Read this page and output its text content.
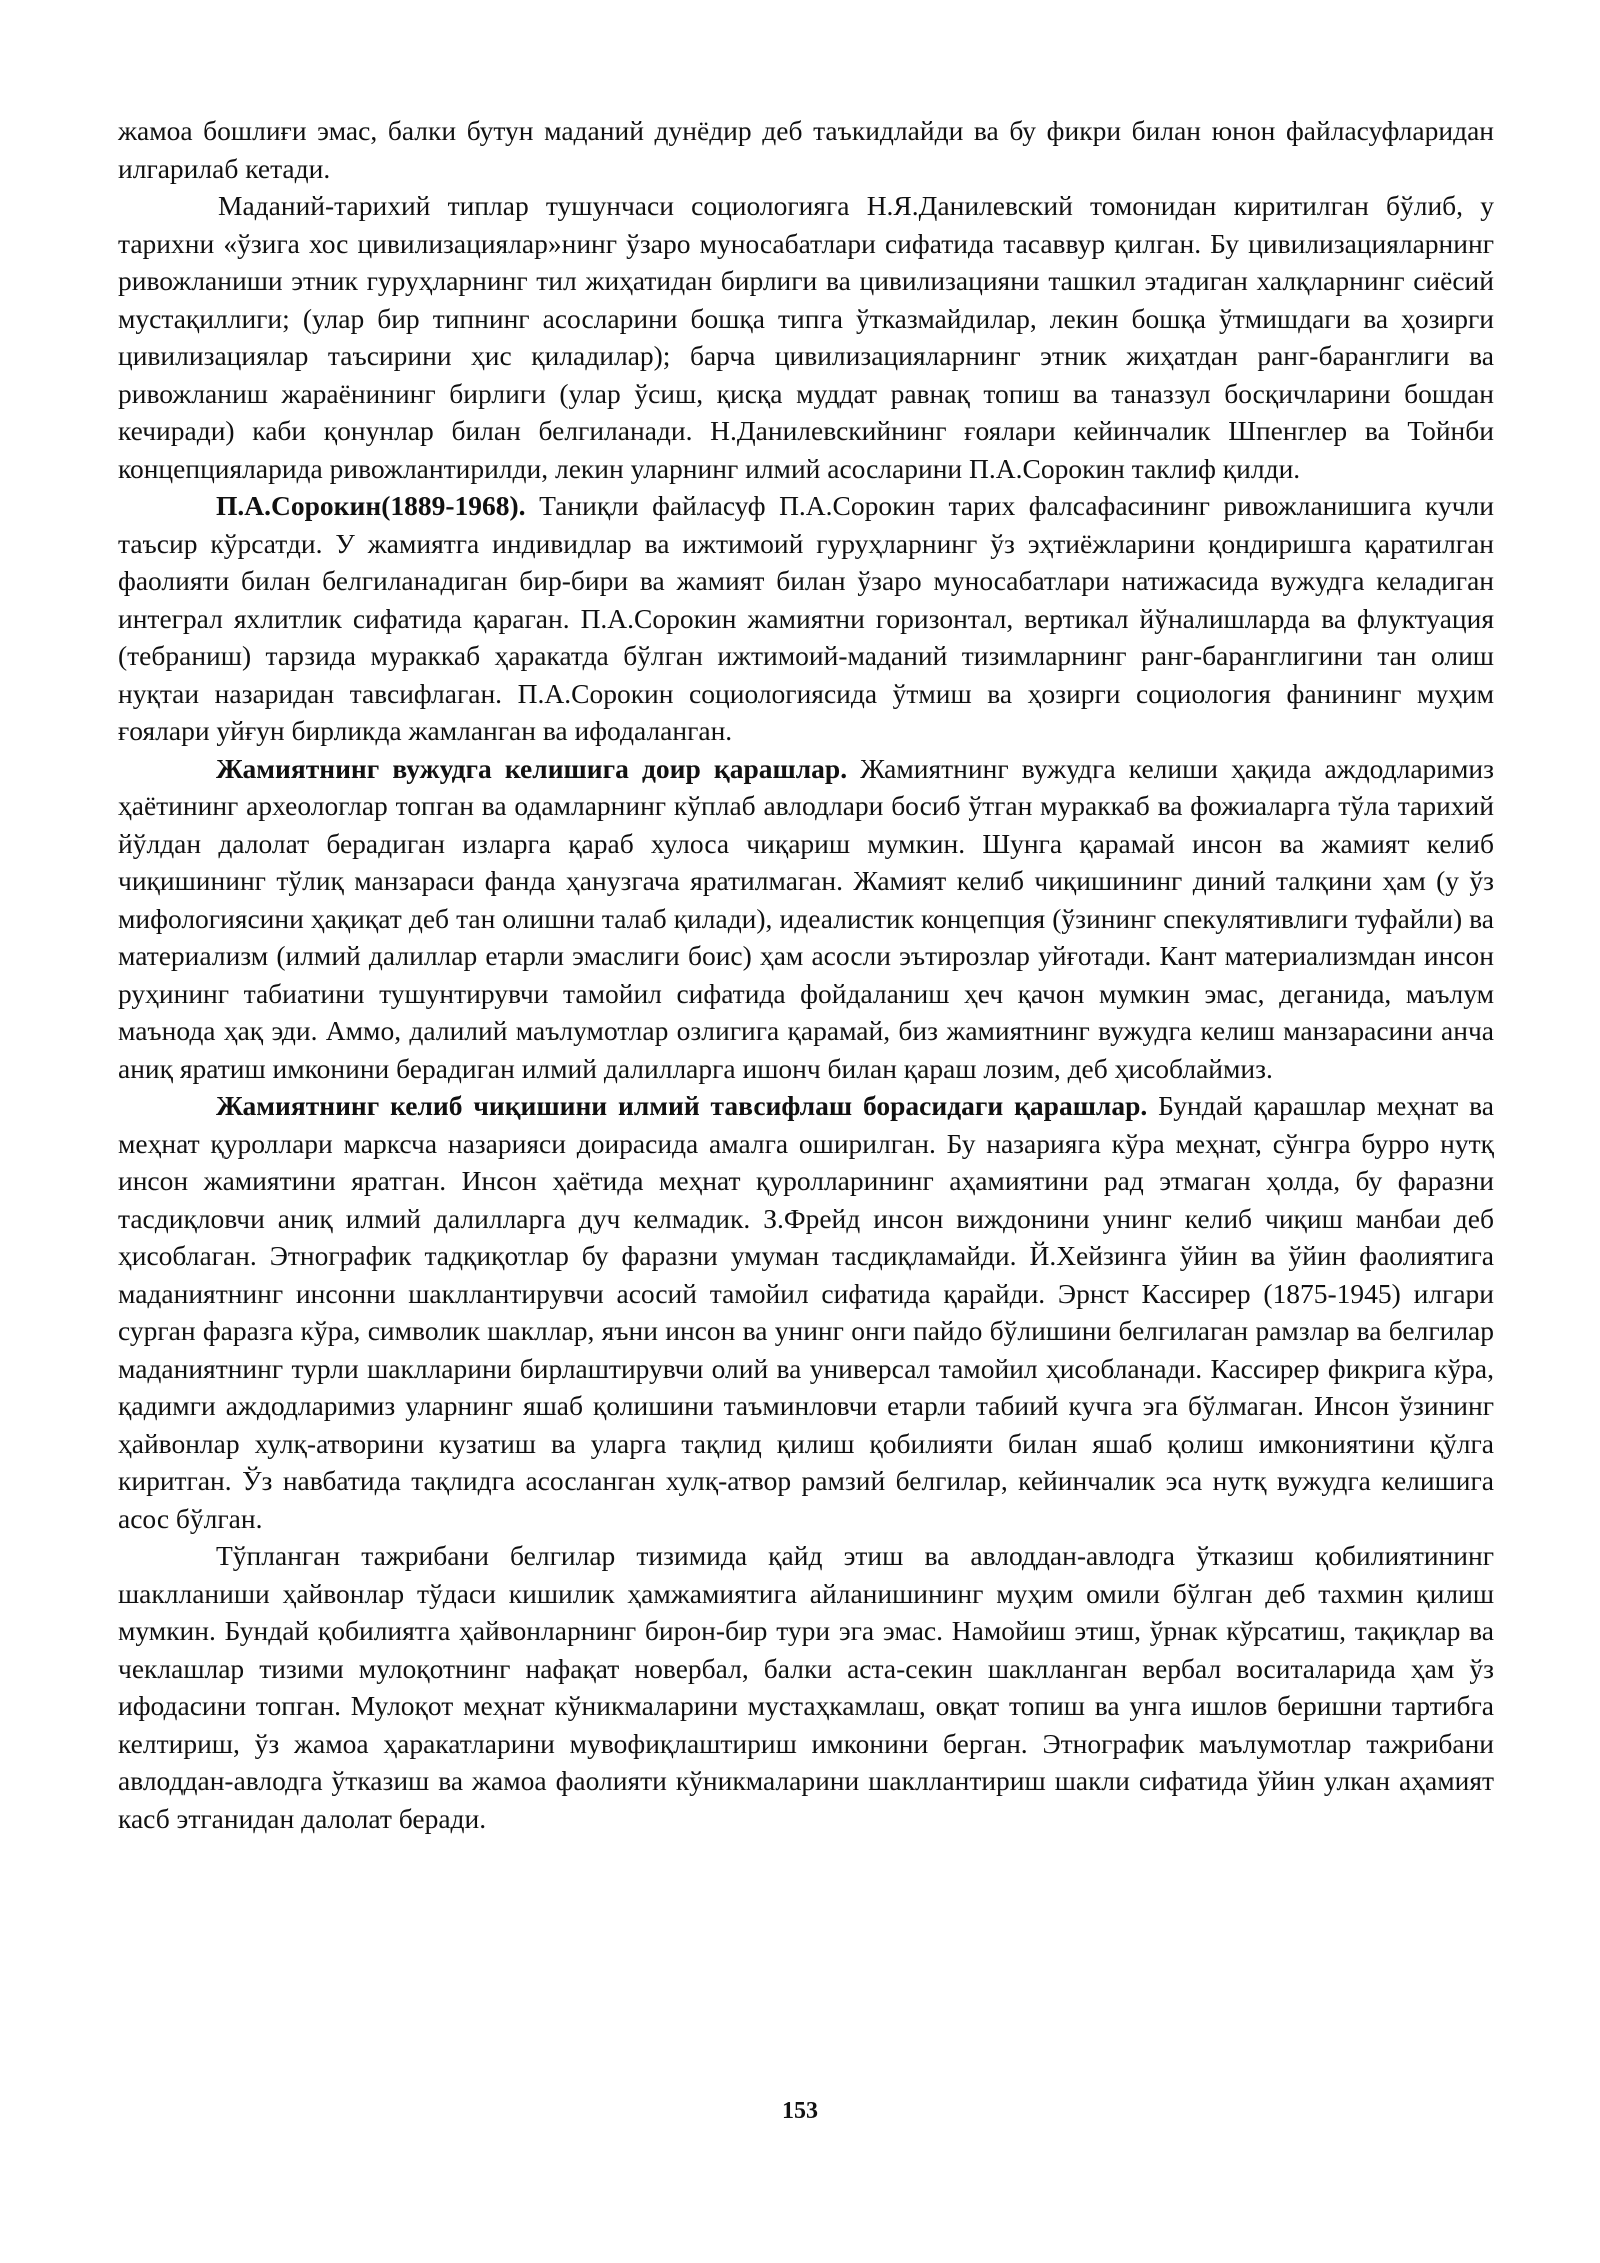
жамоа бошлиғи эмас, балки бутун маданий дунёдир деб таъкидлайди ва бу фикри билан юнон файласуфларидан илгарилаб кетади.

Маданий-тарихий типлар тушунчаси социологияга Н.Я.Данилевский томонидан киритилган бўлиб, у тарихни «ўзига хос цивилизациялар»нинг ўзаро муносабатлари сифатида тасаввур қилган. Бу цивилизацияларнинг ривожланиши этник гуруҳларнинг тил жиҳатидан бирлиги ва цивилизацияни ташкил этадиган халқларнинг сиёсий мустақиллиги; (улар бир типнинг асосларини бошқа типга ўтказмайдилар, лекин бошқа ўтмишдаги ва ҳозирги цивилизациялар таъсирини ҳис қиладилар); барча цивилизацияларнинг этник жиҳатдан ранг-баранглиги ва ривожланиш жараёнининг бирлиги (улар ўсиш, қисқа муддат равнақ топиш ва таназзул босқичларини бошдан кечиради) каби қонунлар билан белгиланади. Н.Данилевскийнинг ғоялари кейинчалик Шпенглер ва Тойнби концепцияларида ривожлантирилди, лекин уларнинг илмий асосларини П.А.Сорокин таклиф қилди.

П.А.Сорокин(1889-1968). Таниқли файласуф П.А.Сорокин тарих фалсафасининг ривожланишига кучли таъсир кўрсатди. У жамиятга индивидлар ва ижтимоий гуруҳларнинг ўз эҳтиёжларини қондиришга қаратилган фаолияти билан белгиланадиган бир-бири ва жамият билан ўзаро муносабатлари натижасида вужудга келадиган интеграл яхлитлик сифатида қараган. П.А.Сорокин жамиятни горизонтал, вертикал йўналишларда ва флуктуация (тебраниш) тарзида мураккаб ҳаракатда бўлган ижтимоий-маданий тизимларнинг ранг-баранглигини тан олиш нуқтаи назаридан тавсифлаган. П.А.Сорокин социологиясида ўтмиш ва ҳозирги социология фанининг муҳим ғоялари уйғун бирликда жамланган ва ифодаланган.

Жамиятнинг вужудга келишига доир қарашлар. Жамиятнинг вужудга келиши ҳақида аждодларимиз ҳаётининг археологлар топган ва одамларнинг кўплаб авлодлари босиб ўтган мураккаб ва фожиаларга тўла тарихий йўлдан далолат берадиган изларга қараб хулоса чиқариш мумкин. Шунга қарамай инсон ва жамият келиб чиқишининг тўлиқ манзараси фанда ҳанузгача яратилмаган. Жамият келиб чиқишининг диний талқини ҳам (у ўз мифологиясини ҳақиқат деб тан олишни талаб қилади), идеалистик концепция (ўзининг спекулятивлиги туфайли) ва материализм (илмий далиллар етарли эмаслиги боис) ҳам асосли эътирозлар уйғотади. Кант материализмдан инсон руҳининг табиатини тушунтирувчи тамойил сифатида фойдаланиш ҳеч қачон мумкин эмас, деганида, маълум маънода ҳақ эди. Аммо, далилий маълумотлар озлигига қарамай, биз жамиятнинг вужудга келиш манзарасини анча аниқ яратиш имконини берадиган илмий далилларга ишонч билан қараш лозим, деб ҳисоблаймиз.

Жамиятнинг келиб чиқишини илмий тавсифлаш борасидаги қарашлар. Бундай қарашлар меҳнат ва меҳнат қуроллари марксча назарияси доирасида амалга оширилган. Бу назарияга кўра меҳнат, сўнгра бурро нутқ инсон жамиятини яратган. Инсон ҳаётида меҳнат қуролларининг аҳамиятини рад этмаган ҳолда, бу фаразни тасдиқловчи аниқ илмий далилларга дуч келмадик. З.Фрейд инсон виждонини унинг келиб чиқиш манбаи деб ҳисоблаган. Этнографик тадқиқотлар бу фаразни умуман тасдиқламайди. Й.Хейзинга ўйин ва ўйин фаолиятига маданиятнинг инсонни шакллантирувчи асосий тамойил сифатида қарайди. Эрнст Кассирер (1875-1945) илгари сурган фаразга кўра, символик шакллар, яъни инсон ва унинг онги пайдо бўлишини белгилаган рамзлар ва белгилар маданиятнинг турли шаклларини бирлаштирувчи олий ва универсал тамойил ҳисобланади. Кассирер фикрига кўра, қадимги аждодларимиз уларнинг яшаб қолишини таъминловчи етарли табиий кучга эга бўлмаган. Инсон ўзининг ҳайвонлар хулқ-атворини кузатиш ва уларга тақлид қилиш қобилияти билан яшаб қолиш имкониятини қўлга киритган. Ўз навбатида тақлидга асосланган хулқ-атвор рамзий белгилар, кейинчалик эса нутқ вужудга келишига асос бўлган.

Тўпланган тажрибани белгилар тизимида қайд этиш ва авлоддан-авлодга ўтказиш қобилиятининг шаклланиши ҳайвонлар тўдаси кишилик ҳамжамиятига айланишининг муҳим омили бўлган деб тахмин қилиш мумкин. Бундай қобилиятга ҳайвонларнинг бирон-бир тури эга эмас. Намойиш этиш, ўрнак кўрсатиш, тақиқлар ва чеклашлар тизими мулоқотнинг нафақат новербал, балки аста-секин шаклланган вербал воситаларида ҳам ўз ифодасини топган. Мулоқот меҳнат кўникмаларини мустаҳкамлаш, овқат топиш ва унга ишлов беришни тартибга келтириш, ўз жамоа ҳаракатларини мувофиқлаштириш имконини берган. Этнографик маълумотлар тажрибани авлоддан-авлодга ўтказиш ва жамоа фаолияти кўникмаларини шакллантириш шакли сифатида ўйин улкан аҳамият касб этганидан далолат беради.

153
